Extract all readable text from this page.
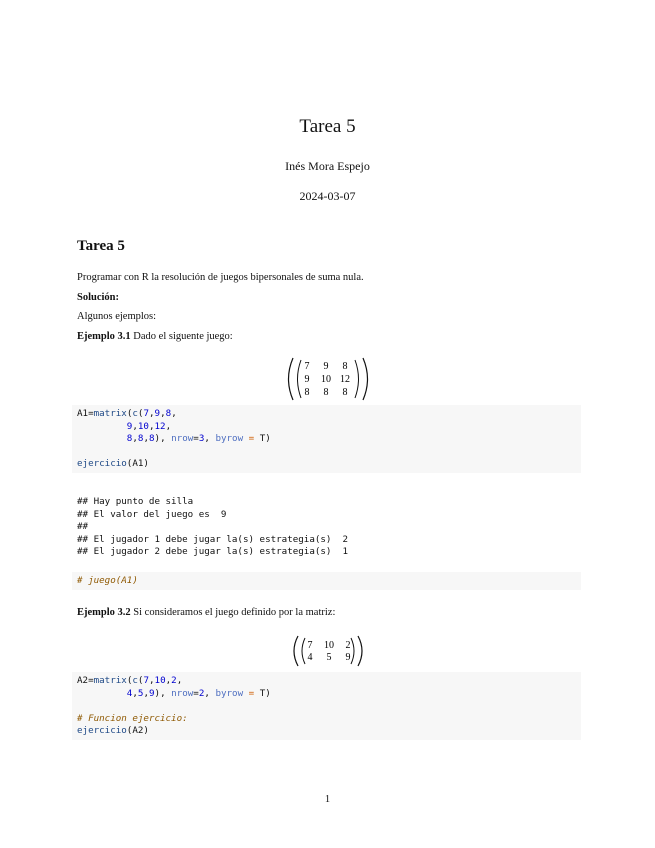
Tarea 5
Inés Mora Espejo
2024-03-07
Tarea 5
Programar con R la resolución de juegos bipersonales de suma nula.
Solución:
Algunos ejemplos:
Ejemplo 3.1 Dado el siguente juego:
7 9 8
9 10 12
8 8 8
A1=matrix(c(7,9,8,
9,10,12,
8,8,8), nrow=3, byrow = T)

ejercicio(A1)
## Hay punto de silla
## El valor del juego es  9
##
## El jugador 1 debe jugar la(s) estrategia(s)  2
## El jugador 2 debe jugar la(s) estrategia(s)  1
# juego(A1)
Ejemplo 3.2 Si consideramos el juego definido por la matriz:
7 10 2
4 5 9
A2=matrix(c(7,10,2,
4,5,9), nrow=2, byrow = T)

# Funcion ejercicio:
ejercicio(A2)
1
